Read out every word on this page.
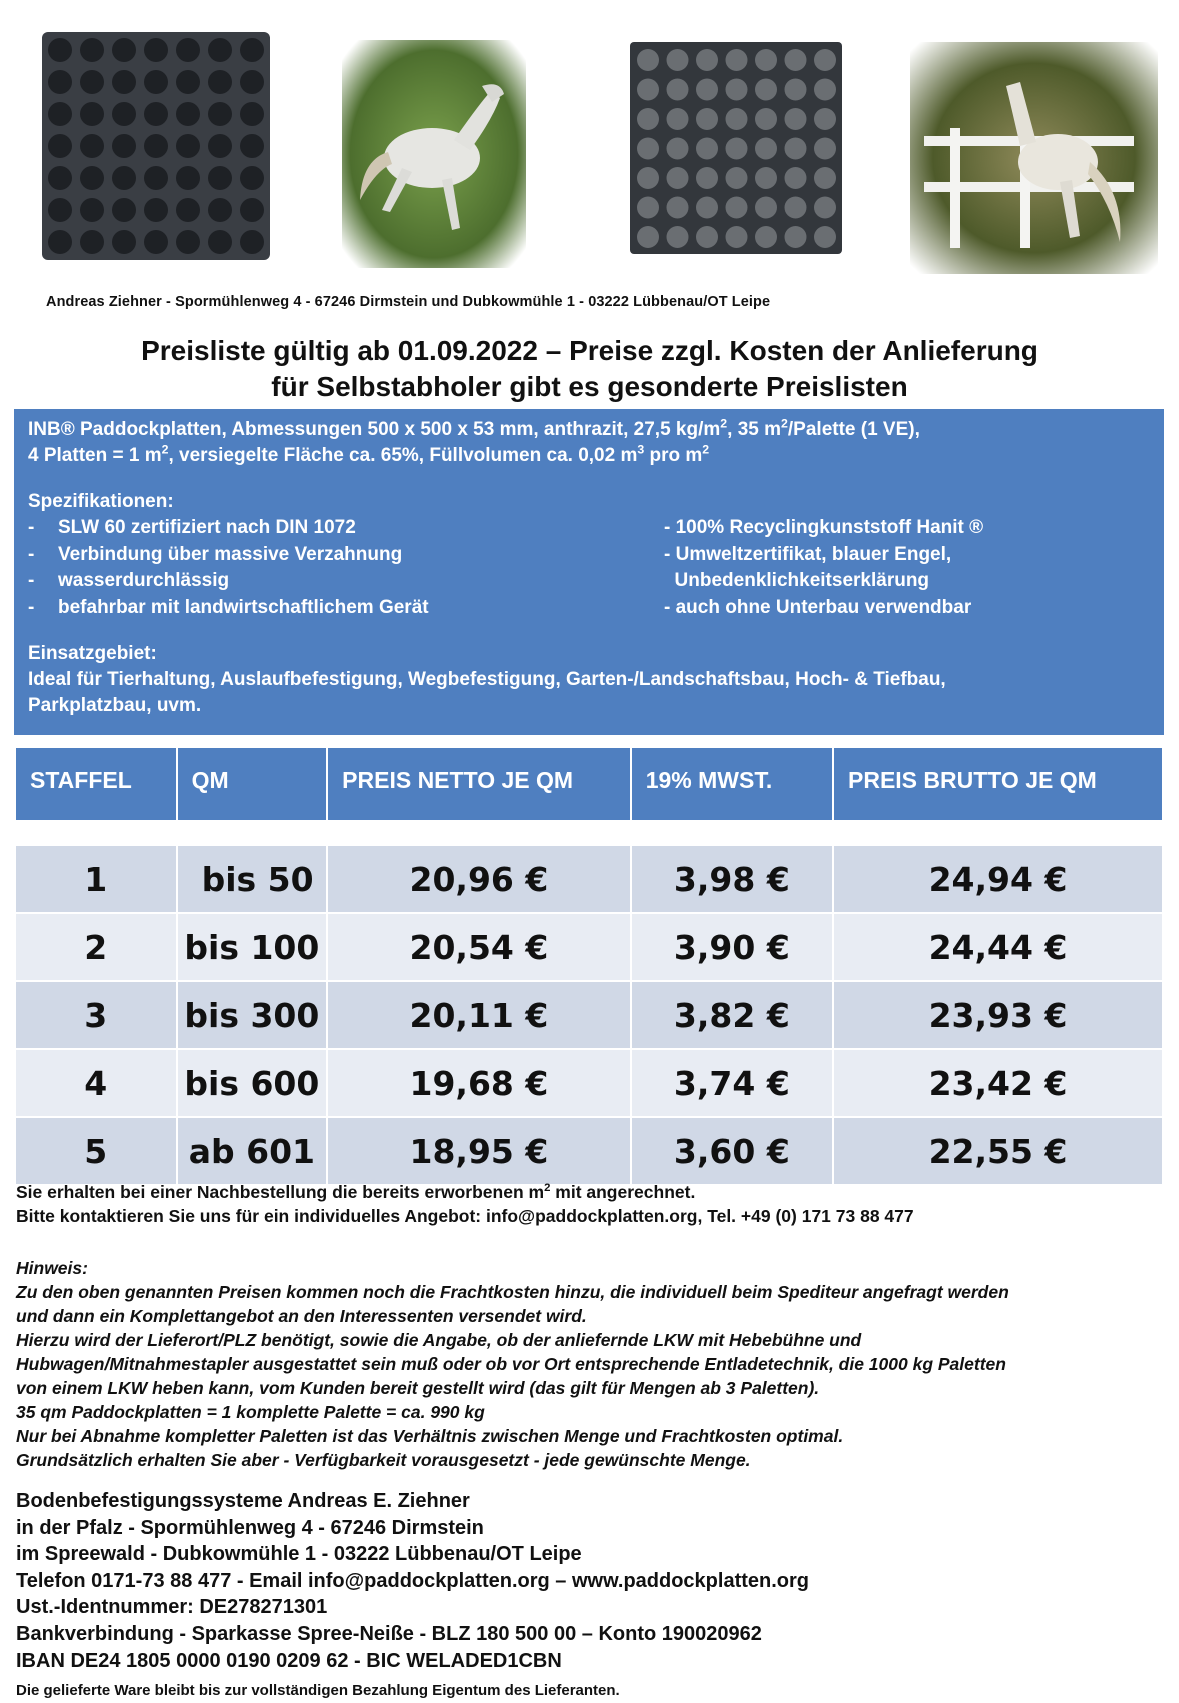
Andreas Ziehner - Spormühlenweg 4 - 67246 Dirmstein und Dubkowmühle 1 - 03222 Lübbenau/OT Leipe
Preisliste gültig ab 01.09.2022 – Preise zzgl. Kosten der Anlieferung
für Selbstabholer gibt es gesonderte Preislisten
INB® Paddockplatten, Abmessungen 500 x 500 x 53 mm, anthrazit, 27,5 $kg/m^2$, 35 $m^2$/Palette (1 VE),
4 Platten = 1 $m^2$, versiegelte Fläche ca. 65%, Füllvolumen ca. 0,02 $m^3$ pro $m^2$
Spezifikationen:
-	SLW 60 zertifiziert nach DIN 1072
-	Verbindung über massive Verzahnung
-	wasserdurchlässig
-	befahrbar mit landwirtschaftlichem Gerät
- 100% Recyclingkunststoff Hanit ®
- Umweltzertifikat, blauer Engel,
Unbedenklichkeitserklärung
- auch ohne Unterbau verwendbar
Einsatzgebiet:
Ideal für Tierhaltung, Auslaufbefestigung, Wegbefestigung, Garten-/Landschaftsbau, Hoch- & Tiefbau,
Parkplatzbau, uvm.
STAFFEL	QM	PREIS NETTO JE QM	19% MWST.	PREIS BRUTTO JE QM

1	bis 50	20,96 €	3,98 €	24,94 €
2	bis 100	20,54 €	3,90 €	24,44 €
3	bis 300	20,11 €	3,82 €	23,93 €
4	bis 600	19,68 €	3,74 €	23,42 €
5	ab 601	18,95 €	3,60 €	22,55 €
Sie erhalten bei einer Nachbestellung die bereits erworbenen $m^2$ mit angerechnet.
Bitte kontaktieren Sie uns für ein individuelles Angebot: info@paddockplatten.org, Tel. +49 (0) 171 73 88 477
Hinweis:
Zu den oben genannten Preisen kommen noch die Frachtkosten hinzu, die individuell beim Spediteur angefragt werden
und dann ein Komplettangebot an den Interessenten versendet wird.
Hierzu wird der Lieferort/PLZ benötigt, sowie die Angabe, ob der anliefernde LKW mit Hebebühne und
Hubwagen/Mitnahmestapler ausgestattet sein muß oder ob vor Ort entsprechende Entladetechnik, die 1000 kg Paletten
von einem LKW heben kann, vom Kunden bereit gestellt wird (das gilt für Mengen ab 3 Paletten).
35 qm Paddockplatten = 1 komplette Palette = ca. 990 kg
Nur bei Abnahme kompletter Paletten ist das Verhältnis zwischen Menge und Frachtkosten optimal.
Grundsätzlich erhalten Sie aber - Verfügbarkeit vorausgesetzt - jede gewünschte Menge.
Bodenbefestigungssysteme Andreas E. Ziehner
in der Pfalz - Spormühlenweg 4 - 67246 Dirmstein
im Spreewald - Dubkowmühle 1 - 03222 Lübbenau/OT Leipe
Telefon 0171-73 88 477 - Email info@paddockplatten.org – www.paddockplatten.org
Ust.-Identnummer: DE278271301
Bankverbindung - Sparkasse Spree-Neiße - BLZ 180 500 00 – Konto 190020962
IBAN DE24 1805 0000 0190 0209 62 - BIC WELADED1CBN
Die gelieferte Ware bleibt bis zur vollständigen Bezahlung Eigentum des Lieferanten.
